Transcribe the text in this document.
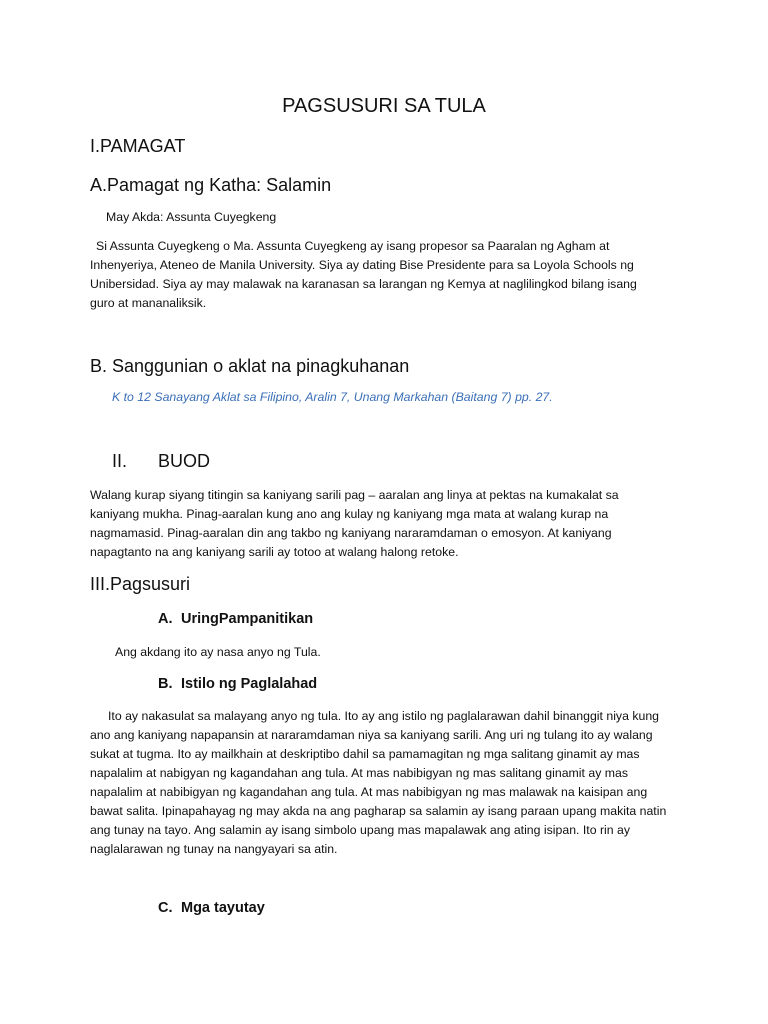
PAGSUSURI SA TULA
I.PAMAGAT
A.Pamagat ng Katha: Salamin
May Akda: Assunta Cuyegkeng
Si Assunta Cuyegkeng o Ma. Assunta Cuyegkeng ay isang propesor sa Paaralan ng Agham at Inhenyeriya, Ateneo de Manila University. Siya ay dating Bise Presidente para sa Loyola Schools ng Unibersidad. Siya ay may malawak na karanasan sa larangan ng Kemya at naglilingkod bilang isang guro at mananaliksik.
B. Sanggunian o aklat na pinagkuhanan
K to 12 Sanayang Aklat sa Filipino, Aralin 7, Unang Markahan (Baitang 7) pp. 27.
II. BUOD
Walang kurap siyang titingin sa kaniyang sarili pag – aaralan ang linya at pektas na kumakalat sa kaniyang mukha. Pinag-aaralan kung ano ang kulay ng kaniyang mga mata at walang kurap na nagmamasid. Pinag-aaralan din ang takbo ng kaniyang nararamdaman o emosyon. At kaniyang napagtanto na ang kaniyang sarili ay totoo at walang halong retoke.
III.Pagsusuri
A. UringPampanitikan
Ang akdang ito ay nasa anyo ng Tula.
B. Istilo ng Paglalahad
Ito ay nakasulat sa malayang anyo ng tula. Ito ay ang istilo ng paglalarawan dahil binanggit niya kung ano ang kaniyang napapansin at nararamdaman niya sa kaniyang sarili. Ang uri ng tulang ito ay walang sukat at tugma. Ito ay mailkhain at deskriptibo dahil sa pamamagitan ng mga salitang ginamit ay mas napalalim at nabigyan ng kagandahan ang tula. At mas nabibigyan ng mas salitang ginamit ay mas napalalim at nabibigyan ng kagandahan ang tula. At mas nabibigyan ng mas malawak na kaisipan ang bawat salita. Ipinapahayag ng may akda na ang pagharap sa salamin ay isang paraan upang makita natin ang tunay na tayo. Ang salamin ay isang simbolo upang mas mapalawak ang ating isipan. Ito rin ay naglalarawan ng tunay na nangyayari sa atin.
C. Mga tayutay
